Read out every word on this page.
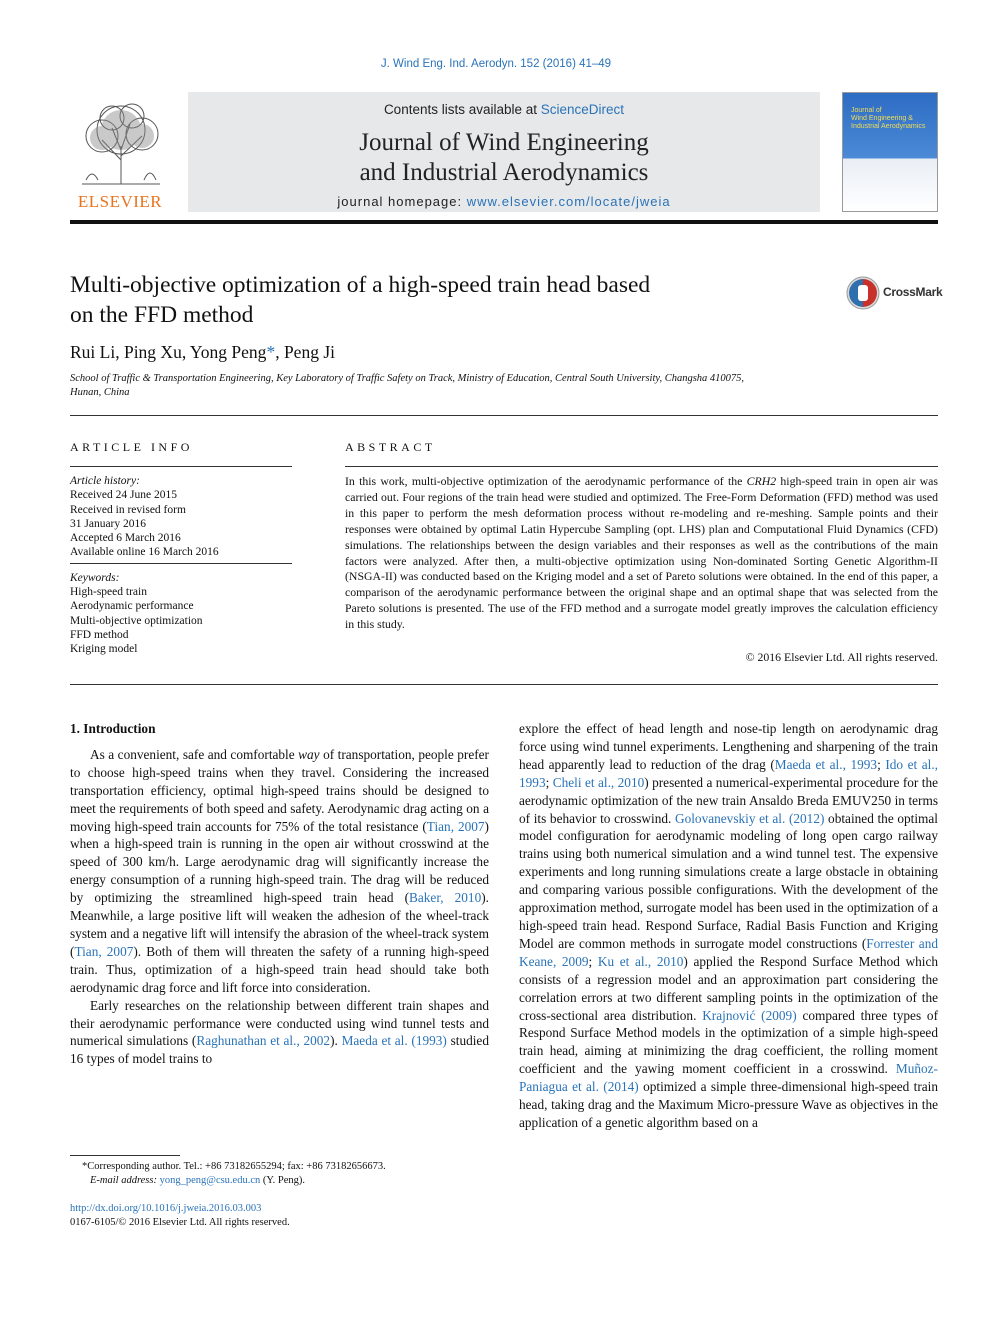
J. Wind Eng. Ind. Aerodyn. 152 (2016) 41–49
ELSEVIER
Contents lists available at ScienceDirect
Journal of Wind Engineering
and Industrial Aerodynamics
journal homepage: www.elsevier.com/locate/jweia
Journal of
Wind Engineering &
Industrial Aerodynamics
Multi-objective optimization of a high-speed train head based
on the FFD method
CrossMark
Rui Li, Ping Xu, Yong Peng*, Peng Ji
School of Traffic & Transportation Engineering, Key Laboratory of Traffic Safety on Track, Ministry of Education, Central South University, Changsha 410075,
Hunan, China
ARTICLE INFO	ABSTRACT
Article history:
Received 24 June 2015
Received in revised form
31 January 2016
Accepted 6 March 2016
Available online 16 March 2016
Keywords:
High-speed train
Aerodynamic performance
Multi-objective optimization
FFD method
Kriging model
In this work, multi-objective optimization of the aerodynamic performance of the CRH2 high-speed train in open air was carried out. Four regions of the train head were studied and optimized. The Free-Form Deformation (FFD) method was used in this paper to perform the mesh deformation process without re-modeling and re-meshing. Sample points and their responses were obtained by optimal Latin Hypercube Sampling (opt. LHS) plan and Computational Fluid Dynamics (CFD) simulations. The relationships between the design variables and their responses as well as the contributions of the main factors were analyzed. After then, a multi-objective optimization using Non-dominated Sorting Genetic Algorithm-II (NSGA-II) was conducted based on the Kriging model and a set of Pareto solutions were obtained. In the end of this paper, a comparison of the aerodynamic performance between the original shape and an optimal shape that was selected from the Pareto solutions is presented. The use of the FFD method and a surrogate model greatly improves the calculation efficiency in this study.
© 2016 Elsevier Ltd. All rights reserved.
1. Introduction

As a convenient, safe and comfortable way of transportation, people prefer to choose high-speed trains when they travel. Considering the increased transportation efficiency, optimal high-speed trains should be designed to meet the requirements of both speed and safety. Aerodynamic drag acting on a moving high-speed train accounts for 75% of the total resistance (Tian, 2007) when a high-speed train is running in the open air without crosswind at the speed of 300 km/h. Large aerodynamic drag will significantly increase the energy consumption of a running high-speed train. The drag will be reduced by optimizing the streamlined high-speed train head (Baker, 2010). Meanwhile, a large positive lift will weaken the adhesion of the wheel-track system and a negative lift will intensify the abrasion of the wheel-track system (Tian, 2007). Both of them will threaten the safety of a running high-speed train. Thus, optimization of a high-speed train head should take both aerodynamic drag force and lift force into consideration.

Early researches on the relationship between different train shapes and their aerodynamic performance were conducted using wind tunnel tests and numerical simulations (Raghunathan et al., 2002). Maeda et al. (1993) studied 16 types of model trains to

explore the effect of head length and nose-tip length on aerodynamic drag force using wind tunnel experiments. Lengthening and sharpening of the train head apparently lead to reduction of the drag (Maeda et al., 1993; Ido et al., 1993; Cheli et al., 2010) presented a numerical-experimental procedure for the aerodynamic optimization of the new train Ansaldo Breda EMUV250 in terms of its behavior to crosswind. Golovanevskiy et al. (2012) obtained the optimal model configuration for aerodynamic modeling of long open cargo railway trains using both numerical simulation and a wind tunnel test. The expensive experiments and long running simulations create a large obstacle in obtaining and comparing various possible configurations. With the development of the approximation method, surrogate model has been used in the optimization of a high-speed train head. Respond Surface, Radial Basis Function and Kriging Model are common methods in surrogate model constructions (Forrester and Keane, 2009; Ku et al., 2010) applied the Respond Surface Method which consists of a regression model and an approximation part considering the correlation errors at two different sampling points in the optimization of the cross-sectional area distribution. Krajnović (2009) compared three types of Respond Surface Method models in the optimization of a simple high-speed train head, aiming at minimizing the drag coefficient, the rolling moment coefficient and the yawing moment coefficient in a crosswind. Muñoz-Paniagua et al. (2014) optimized a simple three-dimensional high-speed train head, taking drag and the Maximum Micro-pressure Wave as objectives in the application of a genetic algorithm based on a

*Corresponding author. Tel.: +86 73182655294; fax: +86 73182656673.
E-mail address: yong_peng@csu.edu.cn (Y. Peng).
http://dx.doi.org/10.1016/j.jweia.2016.03.003
0167-6105/© 2016 Elsevier Ltd. All rights reserved.
